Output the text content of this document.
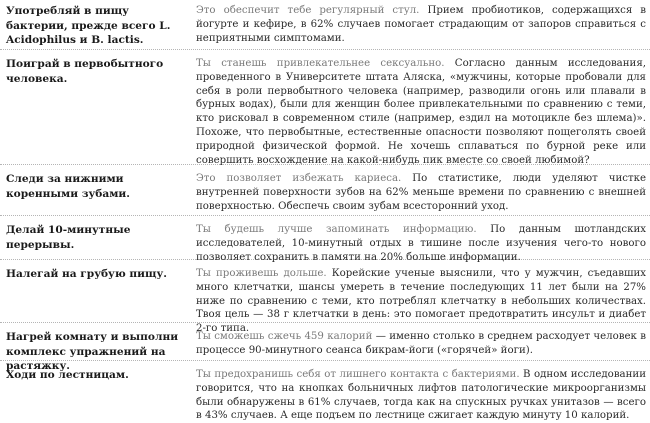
Употребляй в пищу бактерии, прежде всего L. Acidophilus и B. lactis.
Это обеспечит тебе регулярный стул. Прием пробиотиков, содержащихся в йогурте и кефире, в 62% случаев помогает страдающим от запоров справиться с неприятными симптомами.
Поиграй в первобытного человека.
Ты станешь привлекательнее сексуально. Согласно данным исследования, проведенного в Университете штата Аляска, «мужчины, которые пробовали для себя в роли первобытного человека (например, разводили огонь или плавали в бурных водах), были для женщин более привлекательными по сравнению с теми, кто рисковал в современном стиле (например, ездил на мотоцикле без шлема)». Похоже, что первобытные, естественные опасности позволяют пощеголять своей природной физической формой. Не хочешь сплаваться по бурной реке или совершить восхождение на какой-нибудь пик вместе со своей любимой?
Следи за нижними коренными зубами.
Это позволяет избежать кариеса. По статистике, люди уделяют чистке внутренней поверхности зубов на 62% меньше времени по сравнению с внешней поверхностью. Обеспечь своим зубам всесторонний уход.
Делай 10-минутные перерывы.
Ты будешь лучше запоминать информацию. По данным шотландских исследователей, 10-минутный отдых в тишине после изучения чего-то нового позволяет сохранить в памяти на 20% больше информации.
Налегай на грубую пищу.	Ты проживешь дольше. Корейские ученые выяснили, что у мужчин, съедавших много клетчатки, шансы умереть в течение последующих 11 лет были на 27% ниже по сравнению с теми, кто потреблял клетчатку в небольших количествах. Твоя цель — 38 г клетчатки в день: это помогает предотвратить инсульт и диабет 2-го типа.
Нагрей комнату и выполни комплекс упражнений на растяжку.
Ты сможешь сжечь 459 калорий — именно столько в среднем расходует человек в процессе 90-минутного сеанса бикрам-йоги («горячей» йоги).
Ходи по лестницам.	Ты предохранишь себя от лишнего контакта с бактериями. В одном исследовании говорится, что на кнопках больничных лифтов патологические микроорганизмы были обнаружены в 61% случаев, тогда как на спускных ручках унитазов — всего в 43% случаев. А еще подъем по лестнице сжигает каждую минуту 10 калорий.
